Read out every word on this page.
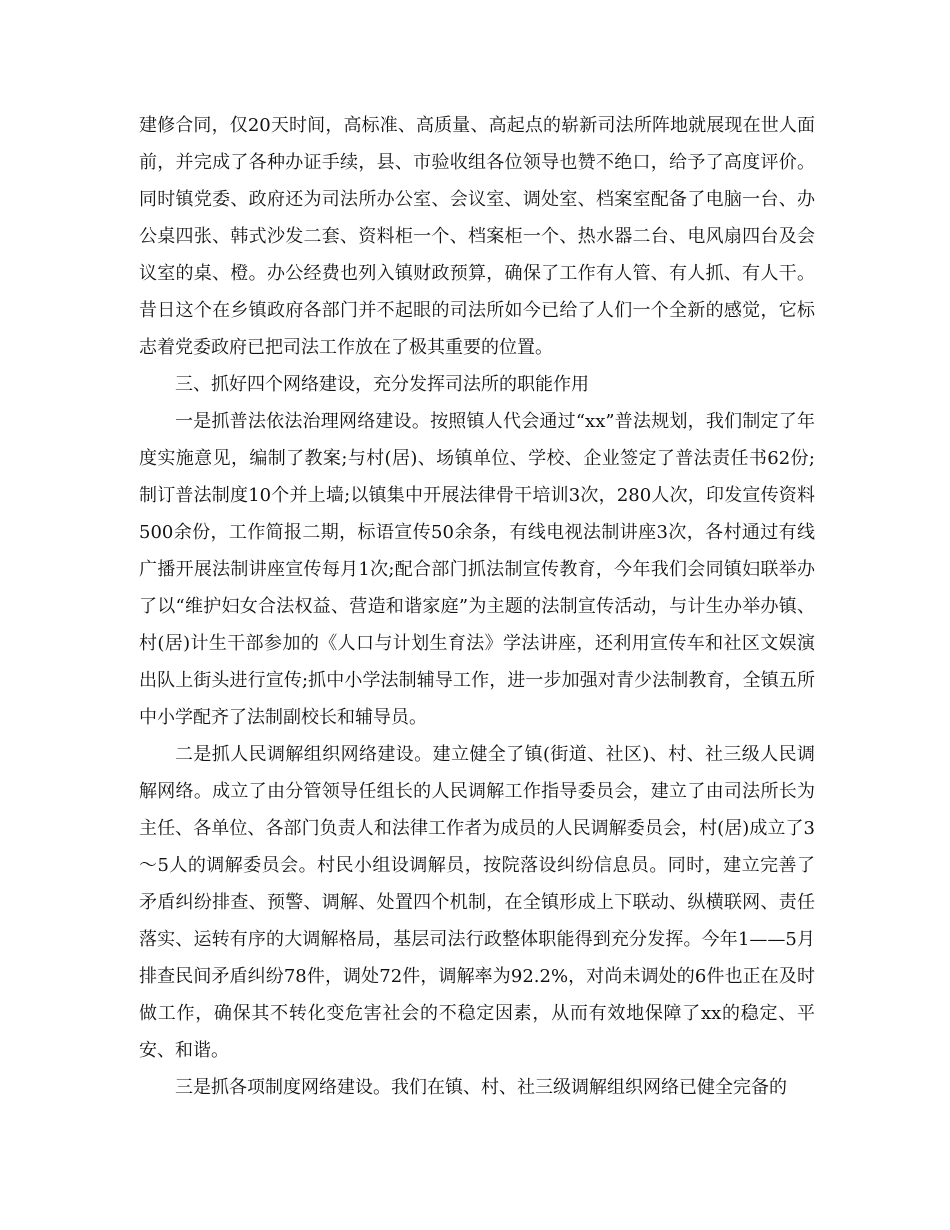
建修合同，仅20天时间，高标准、高质量、高起点的崭新司法所阵地就展现在世人面前，并完成了各种办证手续，县、市验收组各位领导也赞不绝口，给予了高度评价。同时镇党委、政府还为司法所办公室、会议室、调处室、档案室配备了电脑一台、办公桌四张、韩式沙发二套、资料柜一个、档案柜一个、热水器二台、电风扇四台及会议室的桌、橙。办公经费也列入镇财政预算，确保了工作有人管、有人抓、有人干。昔日这个在乡镇政府各部门并不起眼的司法所如今已给了人们一个全新的感觉，它标志着党委政府已把司法工作放在了极其重要的位置。

三、抓好四个网络建设，充分发挥司法所的职能作用

一是抓普法依法治理网络建设。按照镇人代会通过“xx”普法规划，我们制定了年度实施意见，编制了教案;与村(居)、场镇单位、学校、企业签定了普法责任书62份;制订普法制度10个并上墙;以镇集中开展法律骨干培训3次，280人次，印发宣传资料500余份，工作简报二期，标语宣传50余条，有线电视法制讲座3次，各村通过有线广播开展法制讲座宣传每月1次;配合部门抓法制宣传教育，今年我们会同镇妇联举办了以“维护妇女合法权益、营造和谐家庭”为主题的法制宣传活动，与计生办举办镇、村(居)计生干部参加的《人口与计划生育法》学法讲座，还利用宣传车和社区文娱演出队上街头进行宣传;抓中小学法制辅导工作，进一步加强对青少法制教育，全镇五所中小学配齐了法制副校长和辅导员。

二是抓人民调解组织网络建设。建立健全了镇(街道、社区)、村、社三级人民调解网络。成立了由分管领导任组长的人民调解工作指导委员会，建立了由司法所长为主任、各单位、各部门负责人和法律工作者为成员的人民调解委员会，村(居)成立了3～5人的调解委员会。村民小组设调解员，按院落设纠纷信息员。同时，建立完善了矛盾纠纷排查、预警、调解、处置四个机制，在全镇形成上下联动、纵横联网、责任落实、运转有序的大调解格局，基层司法行政整体职能得到充分发挥。今年1——5月排查民间矛盾纠纷78件，调处72件，调解率为92.2%，对尚未调处的6件也正在及时做工作，确保其不转化变危害社会的不稳定因素，从而有效地保障了xx的稳定、平安、和谐。

三是抓各项制度网络建设。我们在镇、村、社三级调解组织网络已健全完备的
